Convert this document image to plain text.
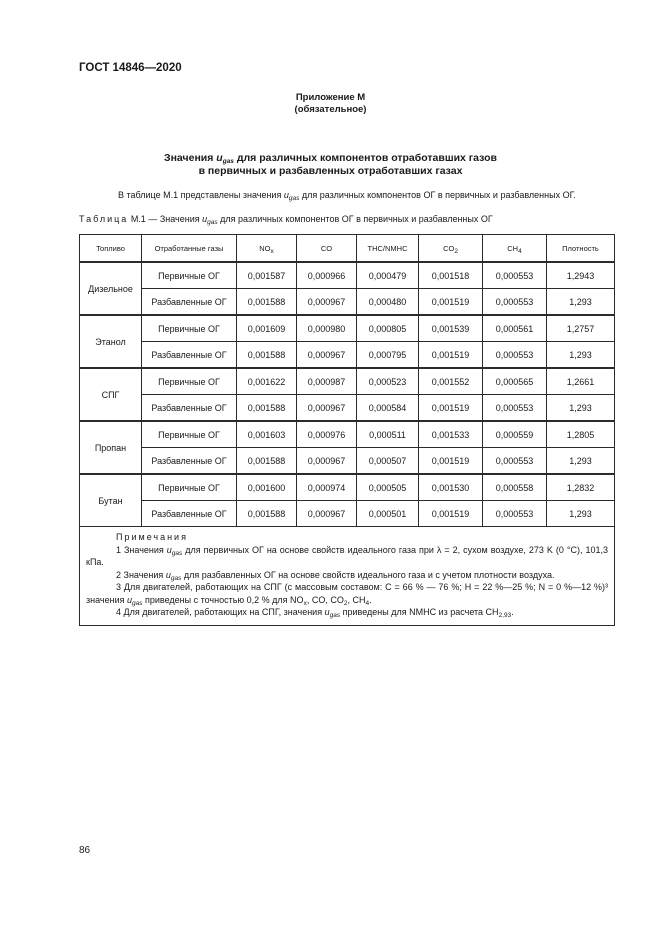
ГОСТ 14846—2020
Приложение М
(обязательное)
Значения $u_{gas}$ для различных компонентов отработавших газов
в первичных и разбавленных отработавших газах
В таблице М.1 представлены значения $u_{gas}$ для различных компонентов ОГ в первичных и разбавленных ОГ.
Таблица М.1 — Значения $u_{gas}$ для различных компонентов ОГ в первичных и разбавленных ОГ
Топливо	Отработанные газы	$NO_x$	CO	THC/NMHC	$CO_2$	$CH_4$	Плотность
Дизельное	Первичные ОГ	0,001587	0,000966	0,000479	0,001518	0,000553	1,2943
	Разбавленные ОГ	0,001588	0,000967	0,000480	0,001519	0,000553	1,293
Этанол	Первичные ОГ	0,001609	0,000980	0,000805	0,001539	0,000561	1,2757
	Разбавленные ОГ	0,001588	0,000967	0,000795	0,001519	0,000553	1,293
СПГ	Первичные ОГ	0,001622	0,000987	0,000523	0,001552	0,000565	1,2661
	Разбавленные ОГ	0,001588	0,000967	0,000584	0,001519	0,000553	1,293
Пропан	Первичные ОГ	0,001603	0,000976	0,000511	0,001533	0,000559	1,2805
	Разбавленные ОГ	0,001588	0,000967	0,000507	0,001519	0,000553	1,293
Бутан	Первичные ОГ	0,001600	0,000974	0,000505	0,001530	0,000558	1,2832
	Разбавленные ОГ	0,001588	0,000967	0,000501	0,001519	0,000553	1,293

Примечания
1 Значения $u_{gas}$ для первичных ОГ на основе свойств идеального газа при λ = 2, сухом воздухе, 273 K (0 °C), 101,3 кПа.
2 Значения $u_{gas}$ для разбавленных ОГ на основе свойств идеального газа и с учетом плотности воздуха.
3 Для двигателей, работающих на СПГ (с массовым составом: C = 66 % — 76 %; H = 22 %—25 %; N = 0 %—12 %)³ значения $u_{gas}$ приведены с точностью 0,2 % для $NO_x$, CO, $CO_2$, $CH_4$.
4 Для двигателей, работающих на СПГ, значения $u_{gas}$ приведены для NMHC из расчета $CH_{2,93}$.							
86
